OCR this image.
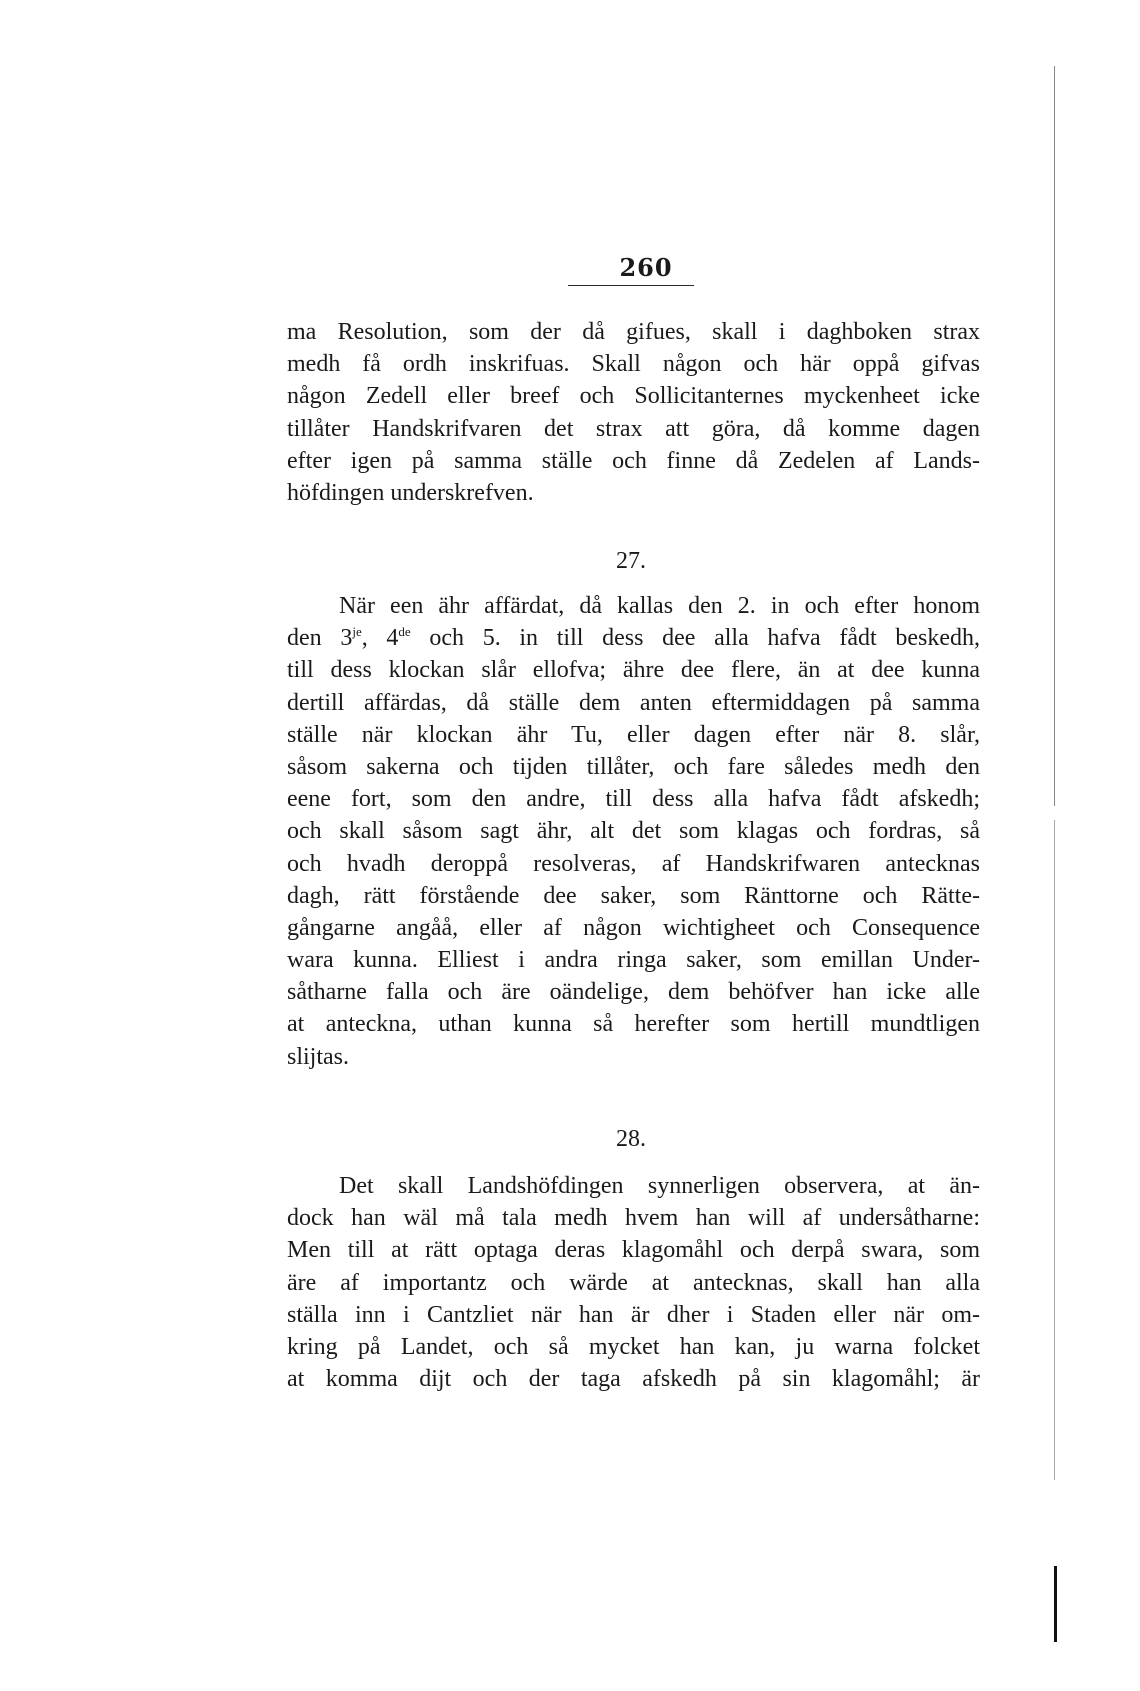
260
ma Resolution, som der då gifues, skall i daghboken strax
medh få ordh inskrifuas. Skall någon och här oppå gifvas
någon Zedell eller breef och Sollicitanternes myckenheet icke
tillåter Handskrifvaren det strax att göra, då komme dagen
efter igen på samma ställe och finne då Zedelen af Lands-
höfdingen underskrefven.
27.
När een ähr affärdat, då kallas den 2. in och efter honom
den $3^{je}$, 4de och 5. in till dess dee alla hafva fådt beskedh,
till dess klockan slår ellofva; ähre dee flere, än at dee kunna
dertill affärdas, då ställe dem anten eftermiddagen på samma
ställe när klockan ähr Tu, eller dagen efter när 8. slår,
såsom sakerna och tijden tillåter, och fare således medh den
eene fort, som den andre, till dess alla hafva fådt afskedh;
och skall såsom sagt ähr, alt det som klagas och fordras, så
och hvadh deroppå resolveras, af Handskrifwaren antecknas
dagh, rätt förstående dee saker, som Ränttorne och Rätte-
gångarne angåå, eller af någon wichtigheet och Consequence
wara kunna. Elliest i andra ringa saker, som emillan Under-
såtharne falla och äre oändelige, dem behöfver han icke alle
at anteckna, uthan kunna så herefter som hertill mundtligen
slijtas.
28.
Det skall Landshöfdingen synnerligen observera, at än-
dock han wäl må tala medh hvem han will af undersåtharne:
Men till at rätt optaga deras klagomåhl och derpå swara, som
äre af importantz och wärde at antecknas, skall han alla
ställa inn i Cantzliet när han är dher i Staden eller när om-
kring på Landet, och så mycket han kan, ju warna folcket
at komma dijt och der taga afskedh på sin klagomåhl; är
